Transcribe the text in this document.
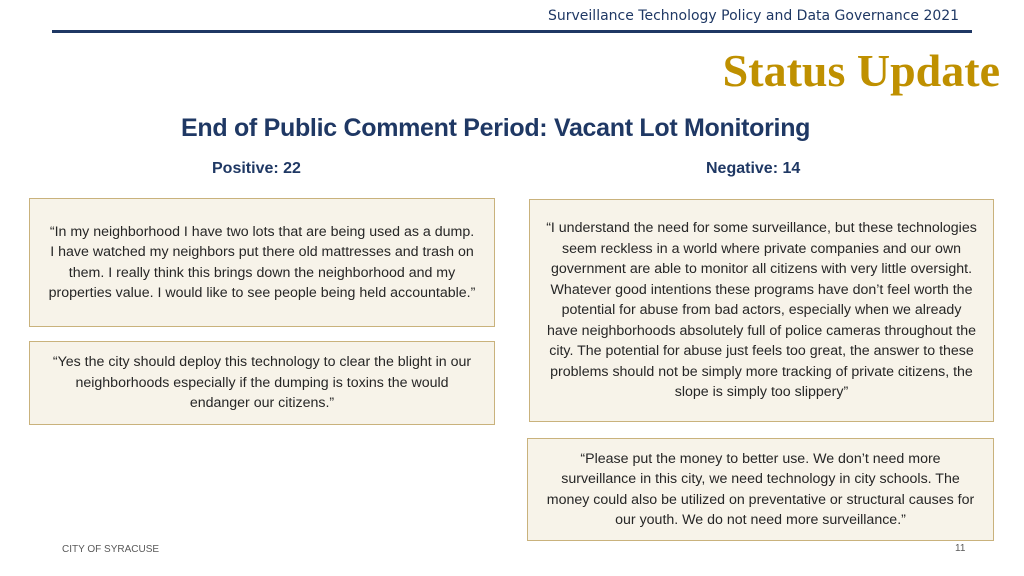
Surveillance Technology Policy and Data Governance 2021
Status Update
End of Public Comment Period: Vacant Lot Monitoring
Positive: 22	Negative: 14

“In my neighborhood I have two lots that are being used as a dump. I have watched my neighbors put there old mattresses and trash on them. I really think this brings down the neighborhood and my properties value. I would like to see people being held accountable.”

“Yes the city should deploy this technology to clear the blight in our neighborhoods especially if the dumping is toxins the would endanger our citizens.”

“I understand the need for some surveillance, but these technologies seem reckless in a world where private companies and our own government are able to monitor all citizens with very little oversight. Whatever good intentions these programs have don’t feel worth the potential for abuse from bad actors, especially when we already have neighborhoods absolutely full of police cameras throughout the city. The potential for abuse just feels too great, the answer to these problems should not be simply more tracking of private citizens, the slope is simply too slippery”

“Please put the money to better use. We don’t need more surveillance in this city, we need technology in city schools. The money could also be utilized on preventative or structural causes for our youth. We do not need more surveillance.”

CITY OF SYRACUSE	11
